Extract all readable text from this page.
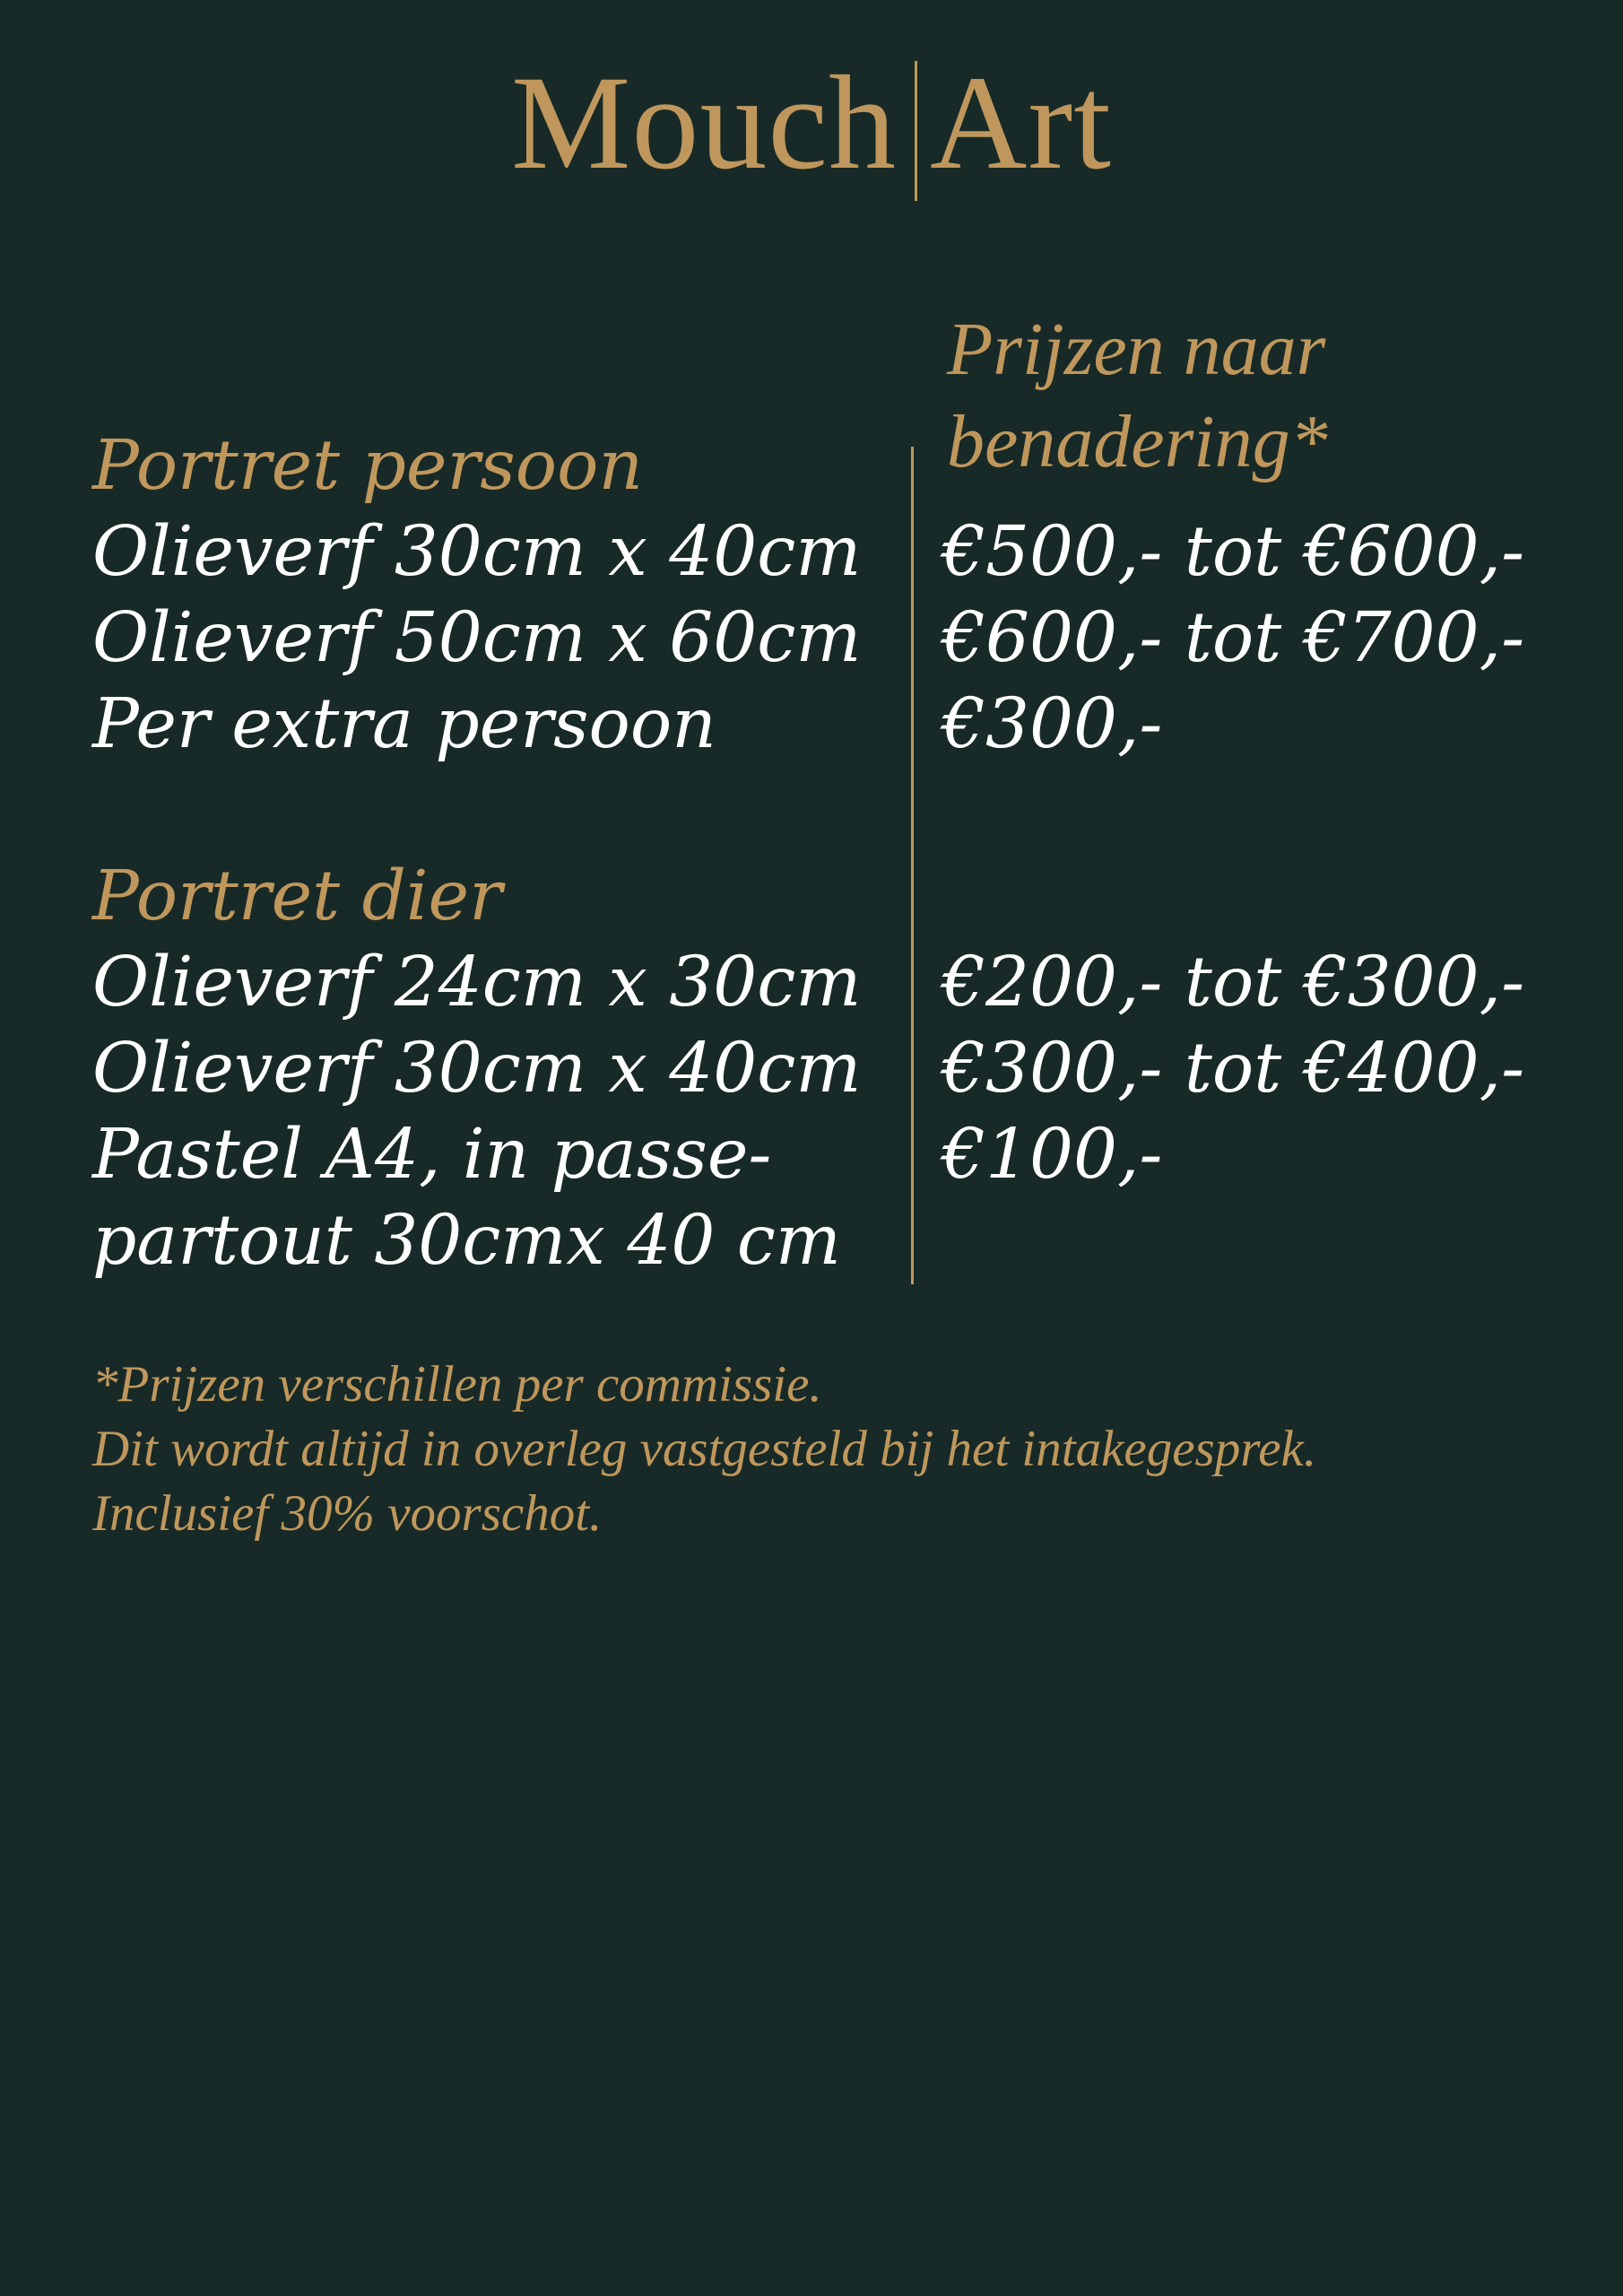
Mouch Art
Prijzen naar
benadering*
Portret persoon
Olieverf 30cm x 40cm
Olieverf 50cm x 60cm
Per extra persoon
Portret dier
Olieverf 24cm x 30cm
Olieverf 30cm x 40cm
Pastel A4, in passe-
partout 30cmx 40 cm
€500,- tot €600,-
€600,- tot €700,-
€300,-
€200,- tot €300,-
€300,- tot €400,-
€100,-
*Prijzen verschillen per commissie.
Dit wordt altijd in overleg vastgesteld bij het intakegesprek.
Inclusief 30% voorschot.
